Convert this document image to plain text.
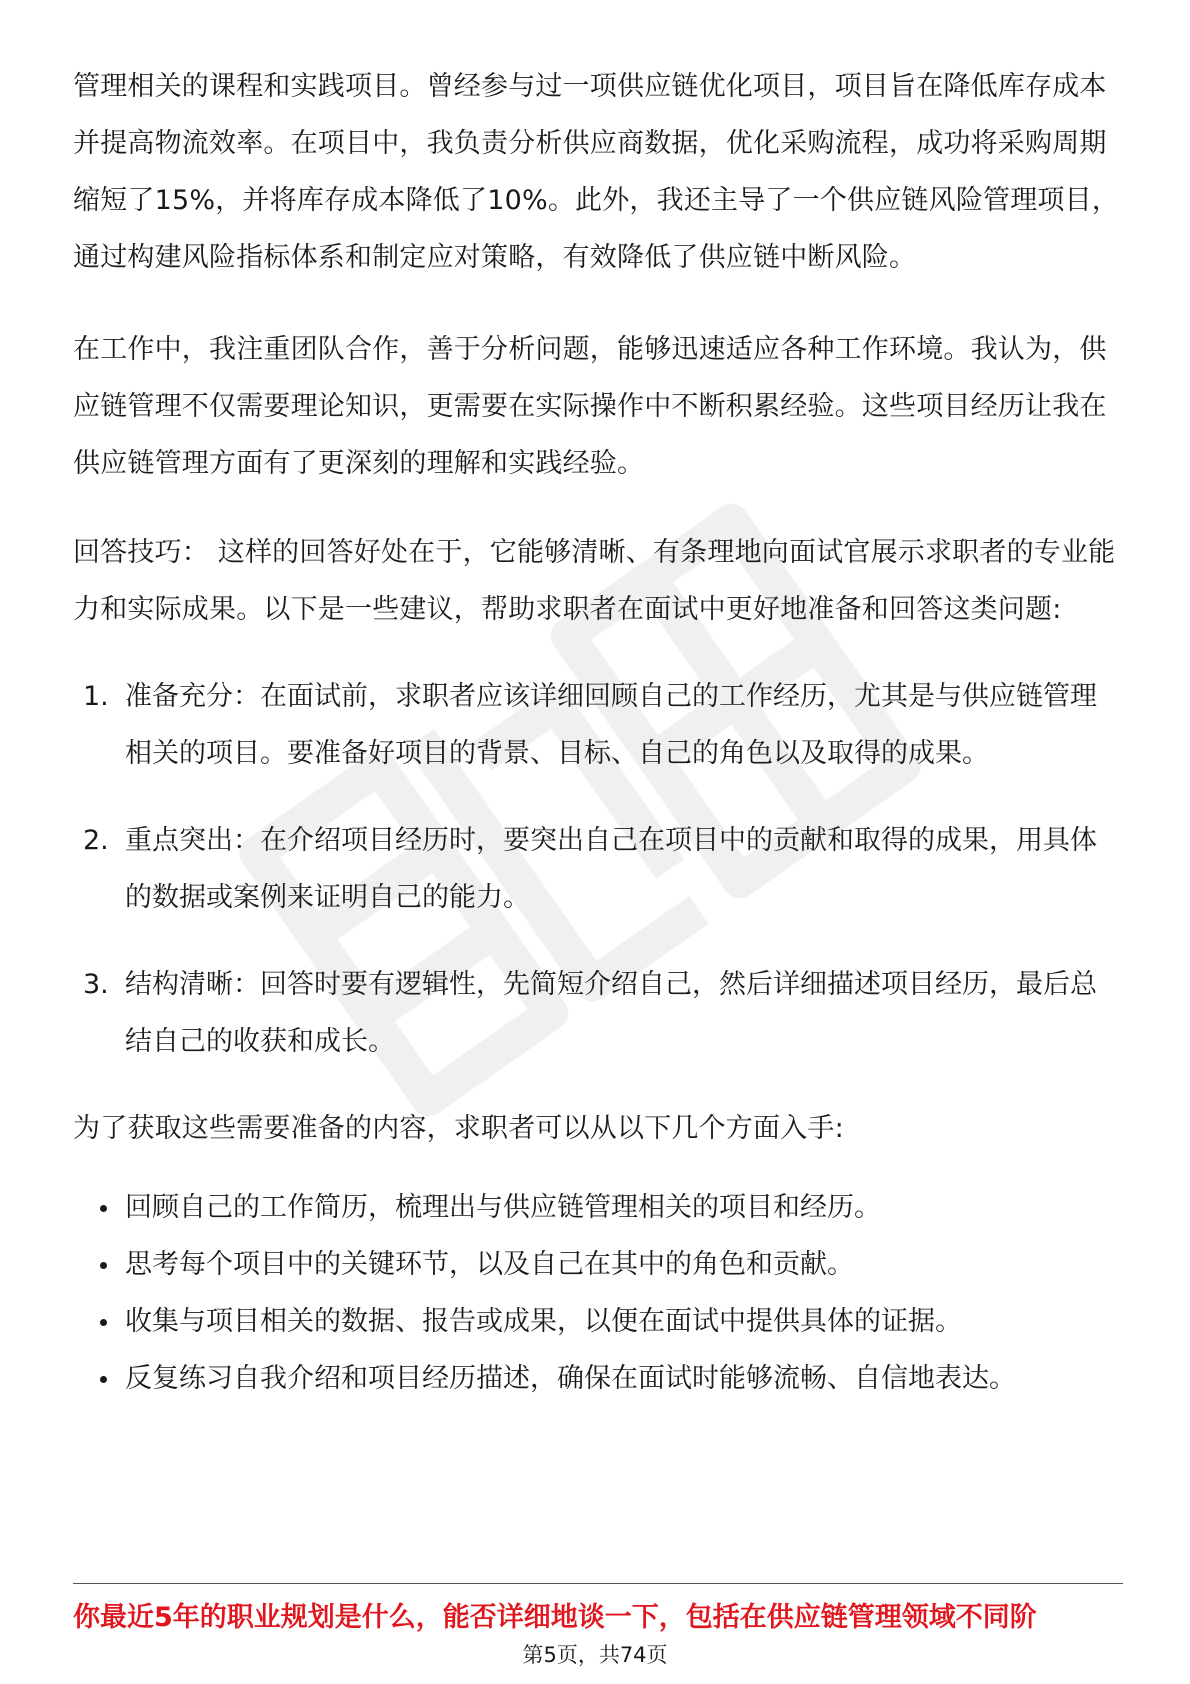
管理相关的课程和实践项目。曾经参与过一项供应链优化项目，项目旨在降低库存成本并提高物流效率。在项目中，我负责分析供应商数据，优化采购流程，成功将采购周期缩短了15%，并将库存成本降低了10%。此外，我还主导了一个供应链风险管理项目，通过构建风险指标体系和制定应对策略，有效降低了供应链中断风险。

在工作中，我注重团队合作，善于分析问题，能够迅速适应各种工作环境。我认为，供应链管理不仅需要理论知识，更需要在实际操作中不断积累经验。这些项目经历让我在供应链管理方面有了更深刻的理解和实践经验。

回答技巧： 这样的回答好处在于，它能够清晰、有条理地向面试官展示求职者的专业能力和实际成果。以下是一些建议，帮助求职者在面试中更好地准备和回答这类问题:

1. 准备充分：在面试前，求职者应该详细回顾自己的工作经历，尤其是与供应链管理相关的项目。要准备好项目的背景、目标、自己的角色以及取得的成果。
2. 重点突出：在介绍项目经历时，要突出自己在项目中的贡献和取得的成果，用具体的数据或案例来证明自己的能力。
3. 结构清晰：回答时要有逻辑性，先简短介绍自己，然后详细描述项目经历，最后总结自己的收获和成长。

为了获取这些需要准备的内容，求职者可以从以下几个方面入手:

回顾自己的工作简历，梳理出与供应链管理相关的项目和经历。
思考每个项目中的关键环节，以及自己在其中的角色和贡献。
收集与项目相关的数据、报告或成果，以便在面试中提供具体的证据。
反复练习自我介绍和项目经历描述，确保在面试时能够流畅、自信地表达。
你最近5年的职业规划是什么，能否详细地谈一下，包括在供应链管理领域不同阶
第5页，共74页
